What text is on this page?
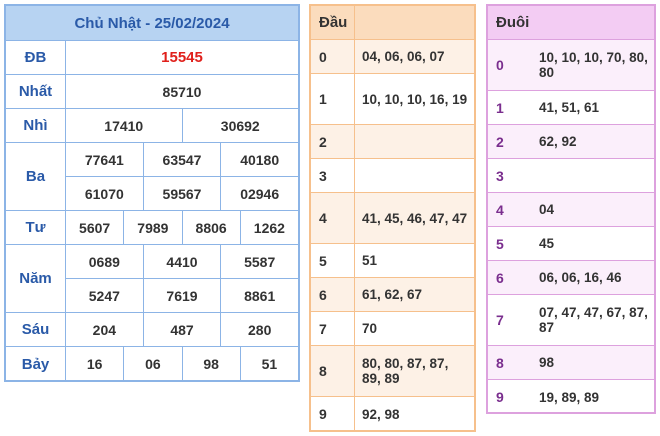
Chủ Nhật - 25/02/2024
ĐB	15545
Nhất	85710
Nhì	17410	30692
Ba
77641	63547	40180
61070	59567	02946
Tư	5607	7989	8806	1262
Năm
0689	4410	5587
5247	7619	8861
Sáu	204	487	280
Bảy	16	06	98	51
Đầu
0	04, 06, 06, 07
1	10, 10, 10, 16, 19
2
3
4	41, 45, 46, 47, 47
5	51
6	61, 62, 67
7	70
8	80, 80, 87, 87, 89, 89
9	92, 98
Đuôi
0	10, 10, 10, 70, 80, 80
1	41, 51, 61
2	62, 92
3
4	04
5	45
6	06, 06, 16, 46
7	07, 47, 47, 67, 87, 87
8	98
9	19, 89, 89
